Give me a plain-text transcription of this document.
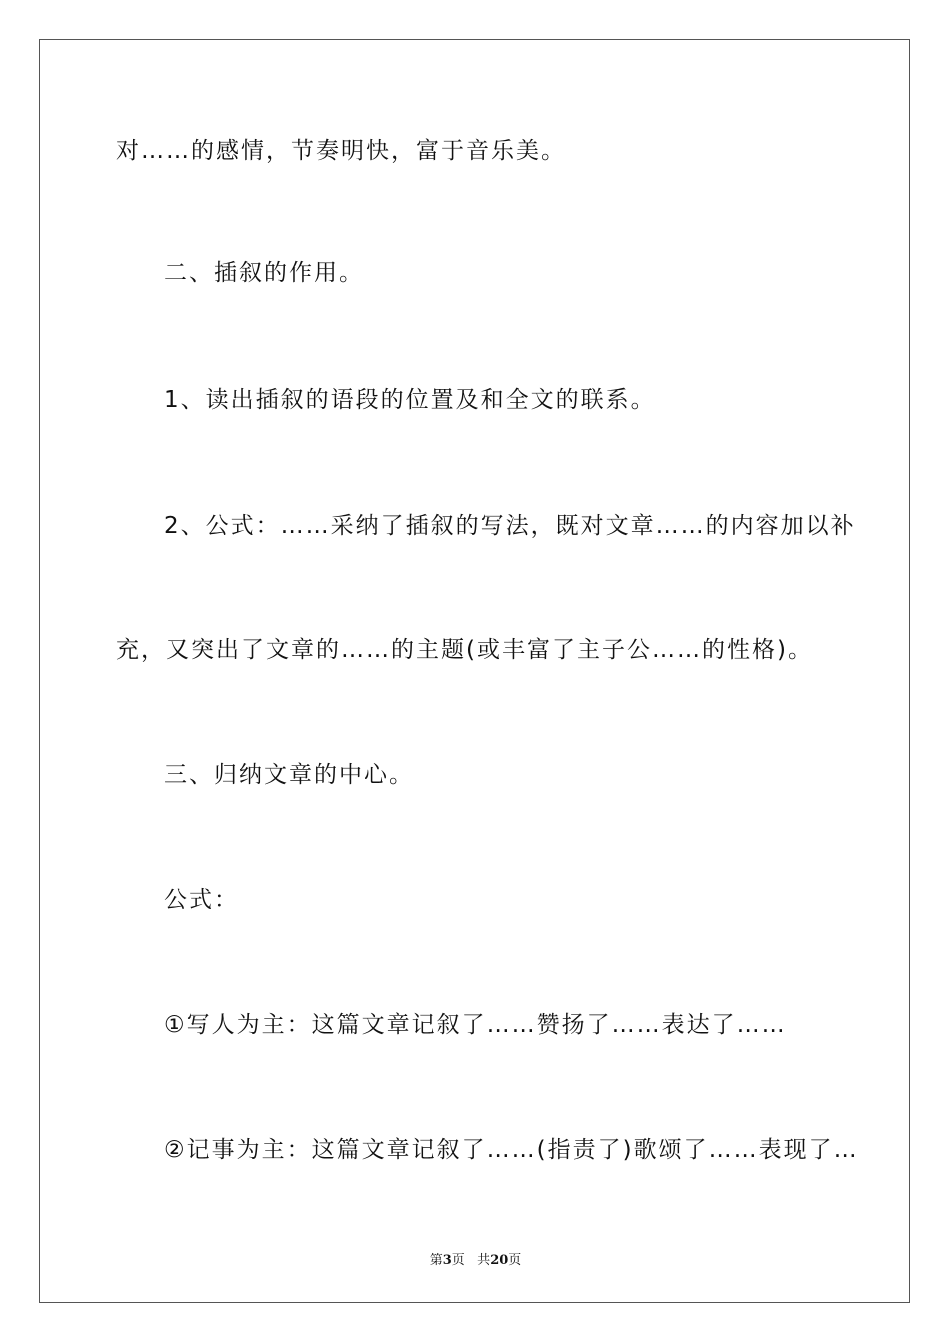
对……的感情，节奏明快，富于音乐美。

二、插叙的作用。

1、读出插叙的语段的位置及和全文的联系。

2、公式：……采纳了插叙的写法，既对文章……的内容加以补

充，又突出了文章的……的主题(或丰富了主子公……的性格)。

三、归纳文章的中心。

公式：

①写人为主：这篇文章记叙了……赞扬了……表达了……

②记事为主：这篇文章记叙了……(指责了)歌颂了……表现了…

第3页 共20页
